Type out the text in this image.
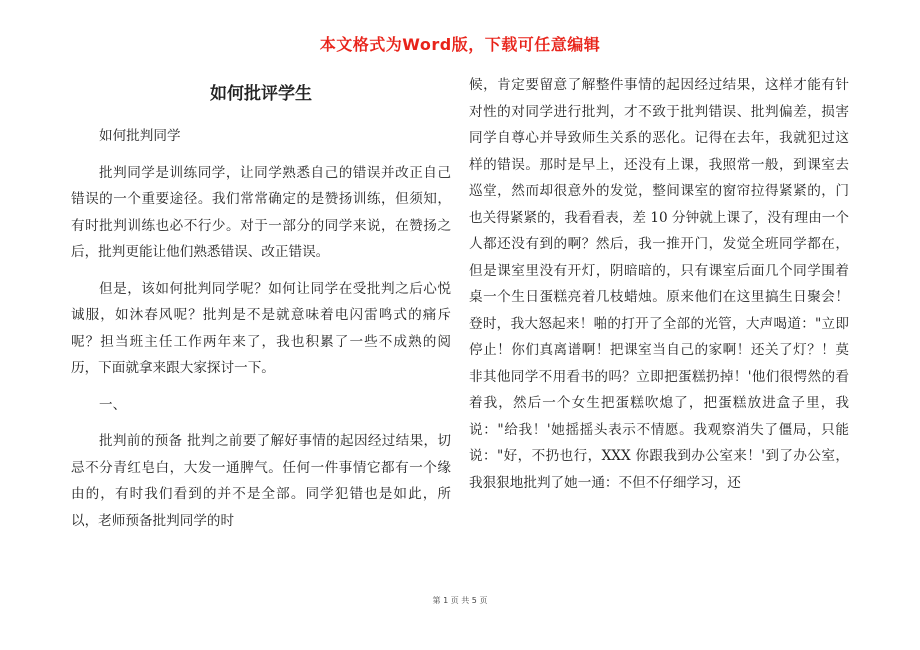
本文格式为Word版，下载可任意编辑
如何批评学生

如何批判同学

批判同学是训练同学，让同学熟悉自己的错误并改正自己错误的一个重要途径。我们常常确定的是赞扬训练，但须知，有时批判训练也必不行少。对于一部分的同学来说，在赞扬之后，批判更能让他们熟悉错误、改正错误。

但是，该如何批判同学呢？如何让同学在受批判之后心悦诚服，如沐春风呢？批判是不是就意味着电闪雷鸣式的痛斥呢？担当班主任工作两年来了，我也积累了一些不成熟的阅历，下面就拿来跟大家探讨一下。

一、

批判前的预备 批判之前要了解好事情的起因经过结果，切忌不分青红皂白，大发一通脾气。任何一件事情它都有一个缘由的，有时我们看到的并不是全部。同学犯错也是如此，所以，老师预备批判同学的时

候，肯定要留意了解整件事情的起因经过结果，这样才能有针对性的对同学进行批判，才不致于批判错误、批判偏差，损害同学自尊心并导致师生关系的恶化。记得在去年，我就犯过这样的错误。那时是早上，还没有上课，我照常一般，到课室去巡堂，然而却很意外的发觉，整间课室的窗帘拉得紧紧的，门也关得紧紧的，我看看表，差 10 分钟就上课了，没有理由一个人都还没有到的啊？然后，我一推开门，发觉全班同学都在，但是课室里没有开灯，阴暗暗的，只有课室后面几个同学围着桌一个生日蛋糕亮着几枝蜡烛。原来他们在这里搞生日聚会！登时，我大怒起来！啪的打开了全部的光管，大声喝道："立即停止！你们真离谱啊！把课室当自己的家啊！还关了灯？！莫非其他同学不用看书的吗？立即把蛋糕扔掉！'他们很愕然的看着我，然后一个女生把蛋糕吹熄了，把蛋糕放进盒子里，我说："给我！'她摇摇头表示不情愿。我观察消失了僵局，只能说："好，不扔也行，XXX 你跟我到办公室来！'到了办公室，我狠狠地批判了她一通：不但不仔细学习，还

第 1 页 共 5 页
